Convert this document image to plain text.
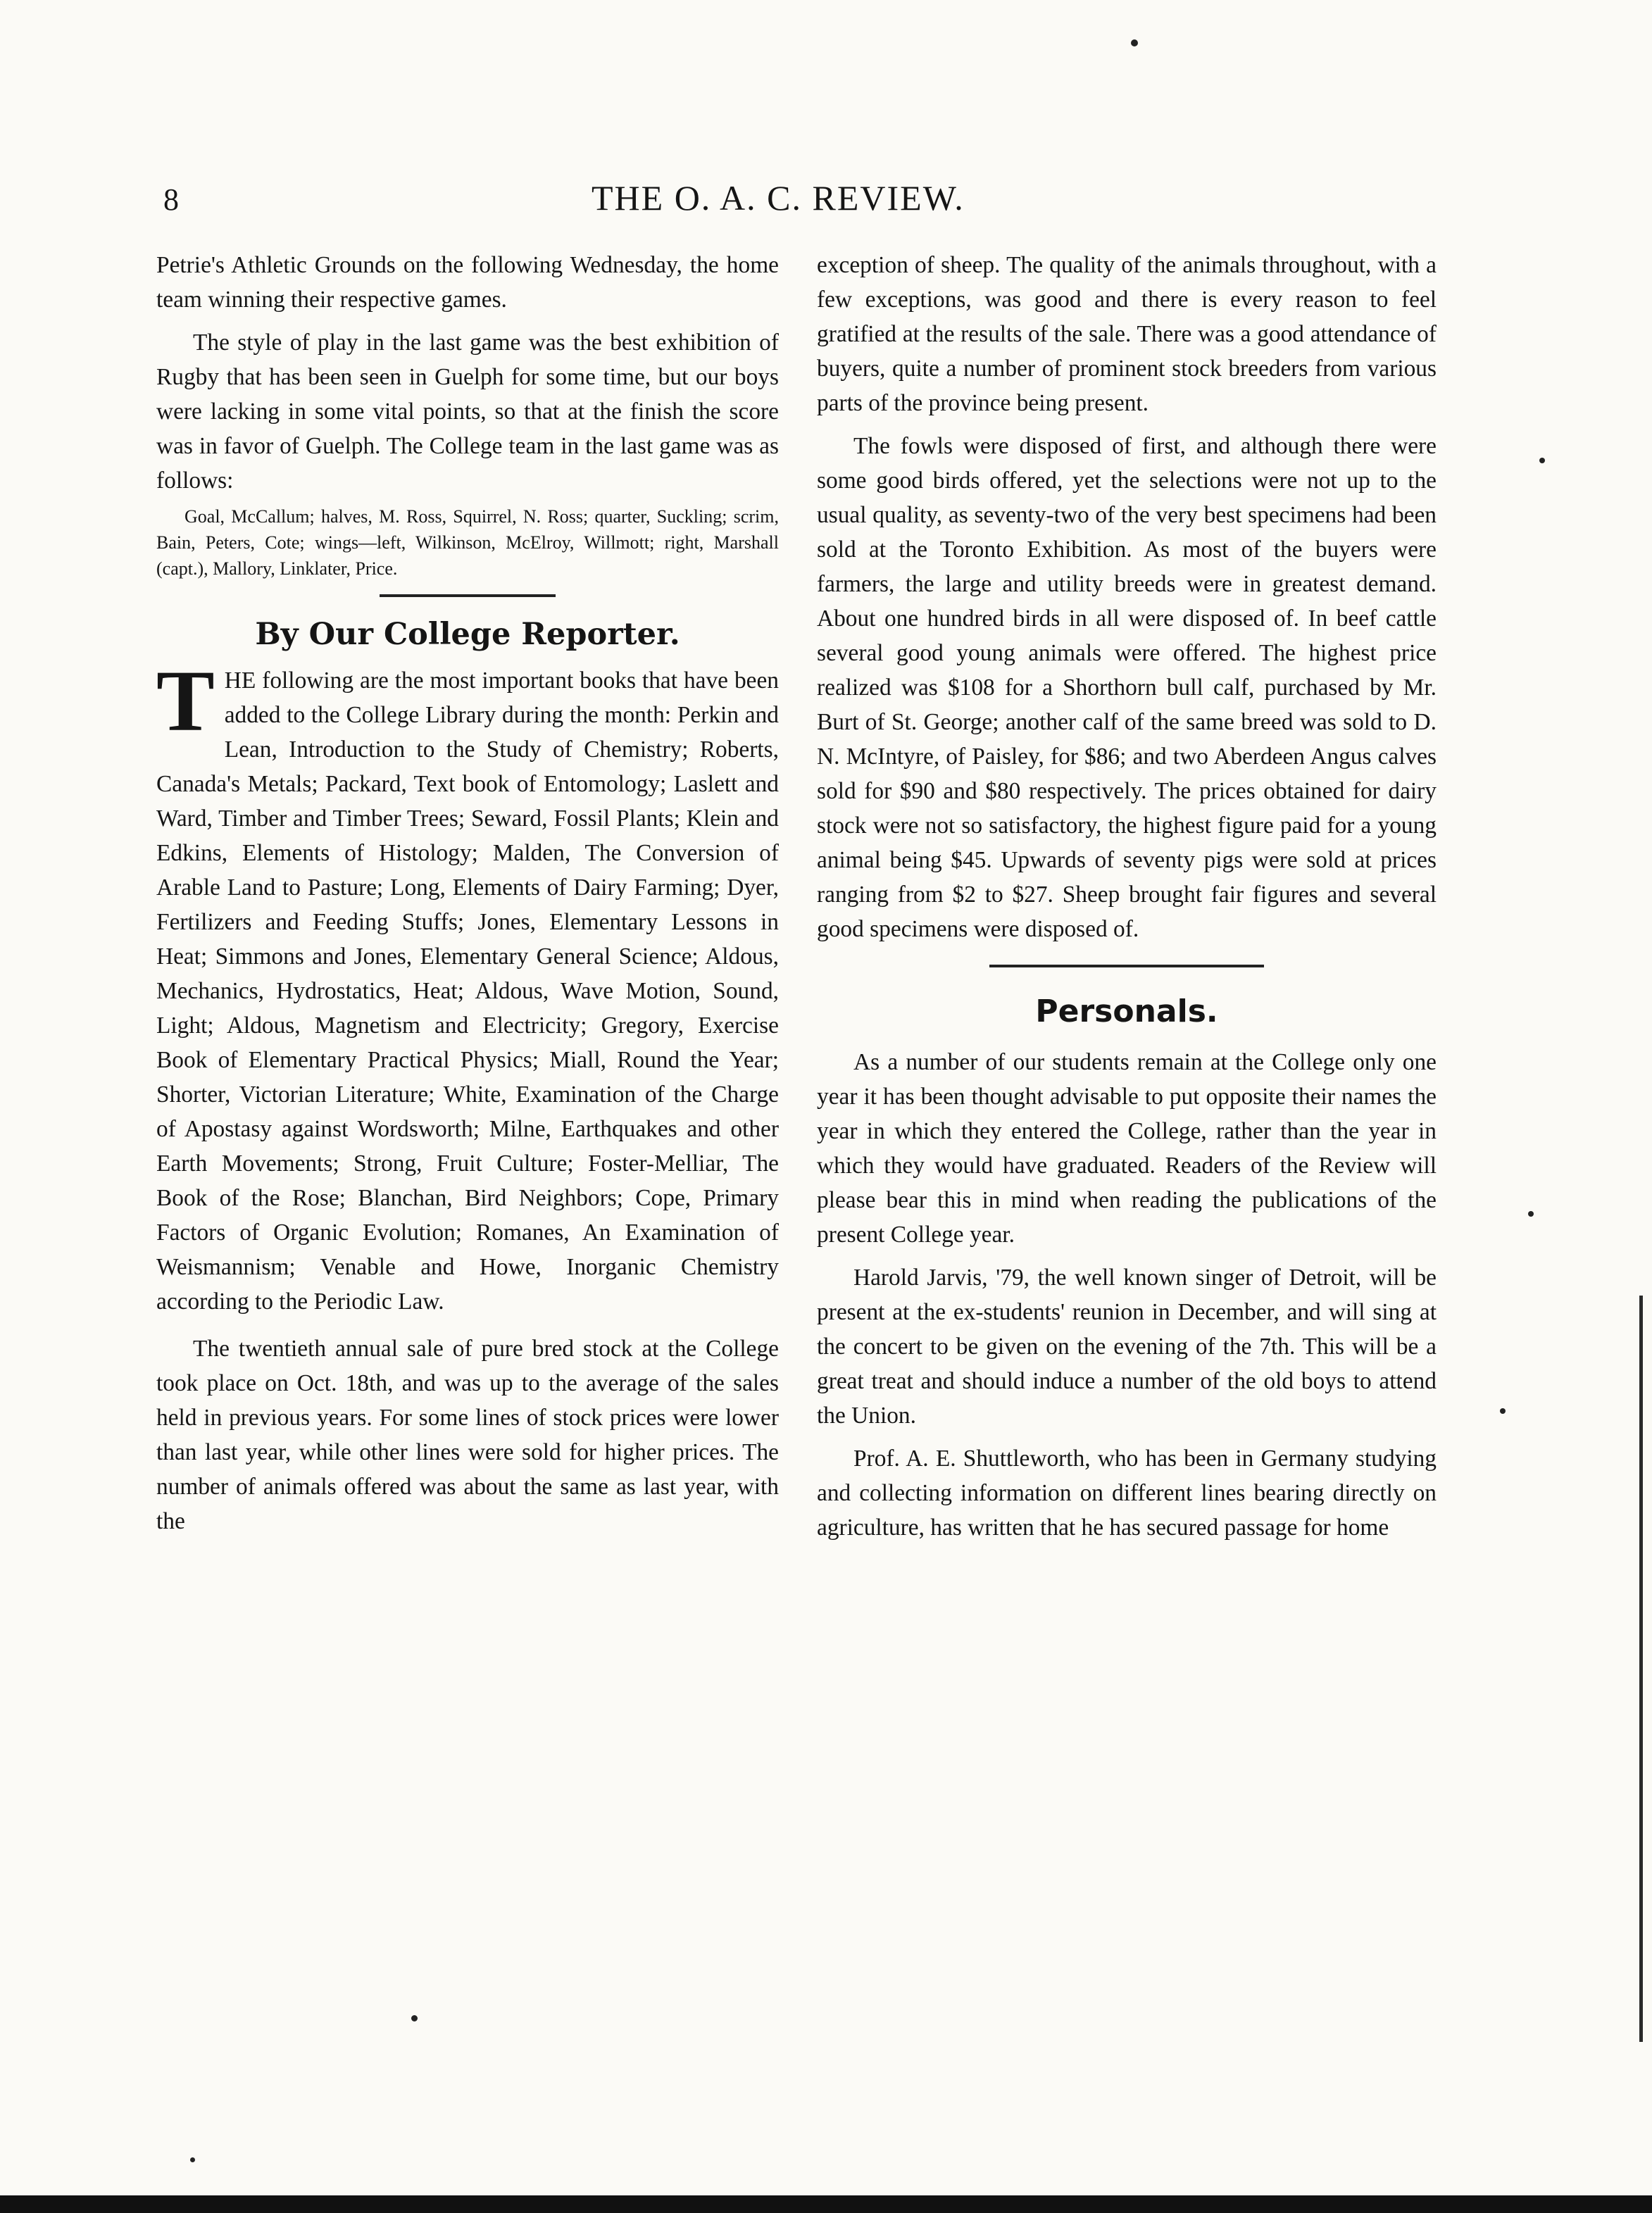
8	THE O. A. C. REVIEW.

Petrie's Athletic Grounds on the following Wednesday, the home team winning their respective games.

The style of play in the last game was the best exhibition of Rugby that has been seen in Guelph for some time, but our boys were lacking in some vital points, so that at the finish the score was in favor of Guelph. The College team in the last game was as follows:

Goal, McCallum; halves, M. Ross, Squirrel, N. Ross; quarter, Suckling; scrim, Bain, Peters, Cote; wings—left, Wilkinson, McElroy, Willmott; right, Marshall (capt.), Mallory, Linklater, Price.

By Our College Reporter.

THE following are the most important books that have been added to the College Library during the month: Perkin and Lean, Introduction to the Study of Chemistry; Roberts, Canada's Metals; Packard, Text book of Entomology; Laslett and Ward, Timber and Timber Trees; Seward, Fossil Plants; Klein and Edkins, Elements of Histology; Malden, The Conversion of Arable Land to Pasture; Long, Elements of Dairy Farming; Dyer, Fertilizers and Feeding Stuffs; Jones, Elementary Lessons in Heat; Simmons and Jones, Elementary General Science; Aldous, Mechanics, Hydrostatics, Heat; Aldous, Wave Motion, Sound, Light; Aldous, Magnetism and Electricity; Gregory, Exercise Book of Elementary Practical Physics; Miall, Round the Year; Shorter, Victorian Literature; White, Examination of the Charge of Apostasy against Wordsworth; Milne, Earthquakes and other Earth Movements; Strong, Fruit Culture; Foster-Melliar, The Book of the Rose; Blanchan, Bird Neighbors; Cope, Primary Factors of Organic Evolution; Romanes, An Examination of Weismannism; Venable and Howe, Inorganic Chemistry according to the Periodic Law.

The twentieth annual sale of pure bred stock at the College took place on Oct. 18th, and was up to the average of the sales held in previous years. For some lines of stock prices were lower than last year, while other lines were sold for higher prices. The number of animals offered was about the same as last year, with the

exception of sheep. The quality of the animals throughout, with a few exceptions, was good and there is every reason to feel gratified at the results of the sale. There was a good attendance of buyers, quite a number of prominent stock breeders from various parts of the province being present.

The fowls were disposed of first, and although there were some good birds offered, yet the selections were not up to the usual quality, as seventy-two of the very best specimens had been sold at the Toronto Exhibition. As most of the buyers were farmers, the large and utility breeds were in greatest demand. About one hundred birds in all were disposed of. In beef cattle several good young animals were offered. The highest price realized was $108 for a Shorthorn bull calf, purchased by Mr. Burt of St. George; another calf of the same breed was sold to D. N. McIntyre, of Paisley, for $86; and two Aberdeen Angus calves sold for $90 and $80 respectively. The prices obtained for dairy stock were not so satisfactory, the highest figure paid for a young animal being $45. Upwards of seventy pigs were sold at prices ranging from $2 to $27. Sheep brought fair figures and several good specimens were disposed of.

Personals.

As a number of our students remain at the College only one year it has been thought advisable to put opposite their names the year in which they entered the College, rather than the year in which they would have graduated. Readers of the Review will please bear this in mind when reading the publications of the present College year.

Harold Jarvis, '79, the well known singer of Detroit, will be present at the ex-students' reunion in December, and will sing at the concert to be given on the evening of the 7th. This will be a great treat and should induce a number of the old boys to attend the Union.

Prof. A. E. Shuttleworth, who has been in Germany studying and collecting information on different lines bearing directly on agriculture, has written that he has secured passage for home
